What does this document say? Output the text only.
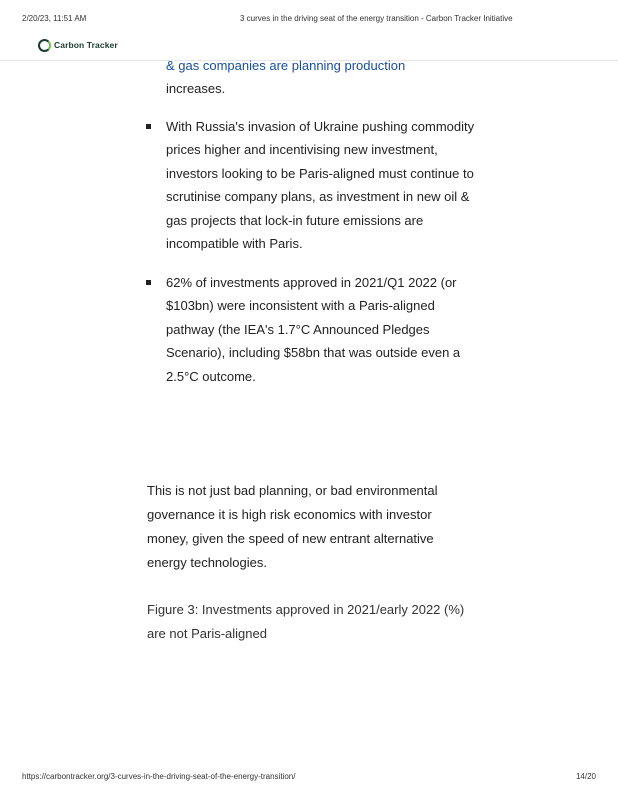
2/20/23, 11:51 AM	3 curves in the driving seat of the energy transition - Carbon Tracker Initiative
Carbon Tracker
& gas companies are planning production
increases.
With Russia's invasion of Ukraine pushing commodity prices higher and incentivising new investment, investors looking to be Paris-aligned must continue to scrutinise company plans, as investment in new oil & gas projects that lock-in future emissions are incompatible with Paris.
62% of investments approved in 2021/Q1 2022 (or $103bn) were inconsistent with a Paris-aligned pathway (the IEA's 1.7°C Announced Pledges Scenario), including $58bn that was outside even a 2.5°C outcome.

This is not just bad planning, or bad environmental governance it is high risk economics with investor money, given the speed of new entrant alternative energy technologies.

Figure 3: Investments approved in 2021/early 2022 (%) are not Paris-aligned

https://carbontracker.org/3-curves-in-the-driving-seat-of-the-energy-transition/	14/20
